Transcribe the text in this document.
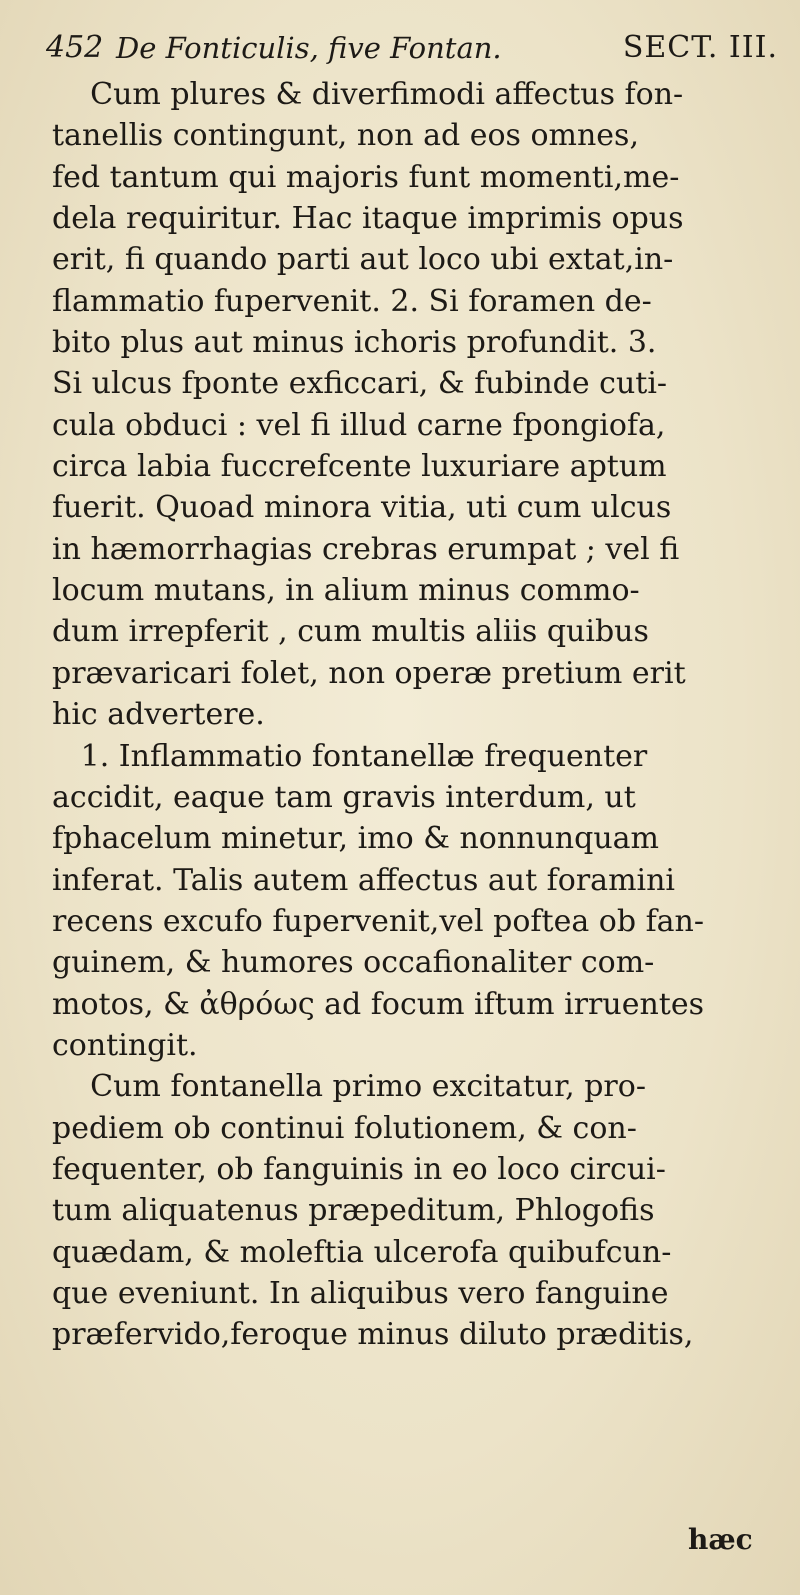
452 De Fonticulis, five Fontan.	SECT. III.
Cum plures & diverfimodi affectus fon-
tanellis contingunt, non ad eos omnes,
fed tantum qui majoris funt momenti,me-
dela requiritur. Hac itaque imprimis opus
erit, fi quando parti aut loco ubi extat,in-
flammatio fupervenit. 2. Si foramen de-
bito plus aut minus ichoris profundit. 3.
Si ulcus fponte exficcari, & fubinde cuti-
cula obduci : vel fi illud carne fpongiofa,
circa labia fuccrefcente luxuriare aptum
fuerit. Quoad minora vitia, uti cum ulcus
in hæmorrhagias crebras erumpat ; vel fi
locum mutans, in alium minus commo-
dum irrepferit , cum multis aliis quibus
prævaricari folet, non operæ pretium erit
hic advertere.
1. Inflammatio fontanellæ frequenter
accidit, eaque tam gravis interdum, ut
fphacelum minetur, imo & nonnunquam
inferat. Talis autem affectus aut foramini
recens excufo fupervenit,vel poftea ob fan-
guinem, & humores occafionaliter com-
motos, & ἀθρόως ad focum iftum irruentes
contingit.
Cum fontanella primo excitatur, pro-
pediem ob continui folutionem, & con-
fequenter, ob fanguinis in eo loco circui-
tum aliquatenus præpeditum, Phlogofis
quædam, & moleftia ulcerofa quibufcun-
que eveniunt. In aliquibus vero fanguine
præfervido,feroque minus diluto præditis,
hæc
